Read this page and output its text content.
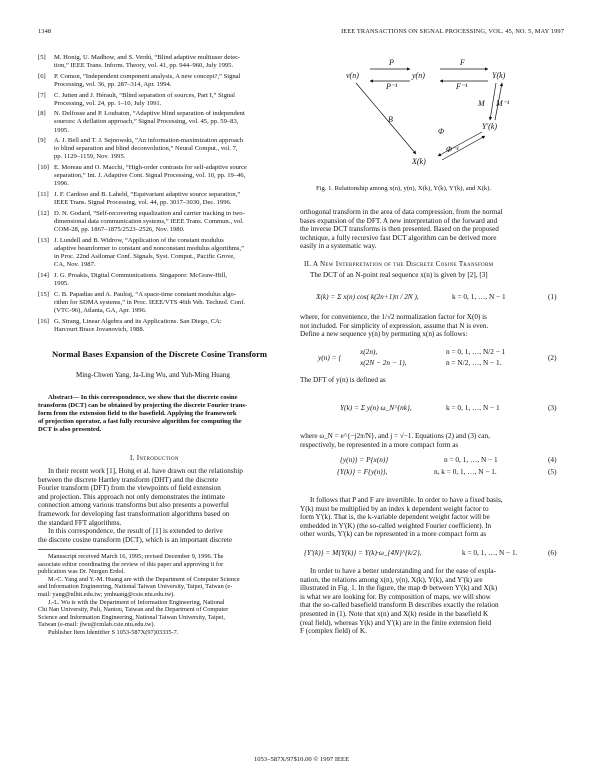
1348	IEEE TRANSACTIONS ON SIGNAL PROCESSING, VOL. 45, NO. 5, MAY 1997
[5] M. Honig, U. Madhow, and S. Verdú, “Blind adaptive multiuser detec-
tion,” IEEE Trans. Inform. Theory, vol. 41, pp. 944–960, July 1995.
[6] P. Comon, “Independent component analysis, A new concept?,” Signal
Processing, vol. 36, pp. 287–314, Apr. 1994.
[7] C. Jutten and J. Hérault, “Blind separation of sources, Part I,” Signal
Processing, vol. 24, pp. 1–10, July 1991.
[8] N. Delfosse and P. Loubaton, “Adaptive blind separation of independent
sources: A deflation approach,” Signal Processing, vol. 45, pp. 59–83,
1995.
[9] A. J. Bell and T. J. Sejnowski, “An information-maximization approach
to blind separation and blind deconvolution,” Neural Comput., vol. 7,
pp. 1129–1159, Nov. 1995.
[10] E. Moreau and O. Macchi, “High-order contrasts for self-adaptive source
separation,” Int. J. Adaptive Cont. Signal Processing, vol. 10, pp. 19–46,
1996.
[11] J. F. Cardoso and B. Laheld, “Equivariant adaptive source separation,”
IEEE Trans. Signal Processing, vol. 44, pp. 3017–3030, Dec. 1996.
[12] D. N. Godard, “Self-recovering equalization and carrier tracking in two-
dimensional data communication systems,” IEEE Trans. Commun., vol.
COM-28, pp. 1867–1875/2523–2526, Nov. 1980.
[13] J. Lundell and B. Widrow, “Application of the constant modulus
adaptive beamformer to constant and nonconstant modulus algorithms,”
in Proc. 22nd Asilomar Conf. Signals, Syst. Comput., Pacific Grove,
CA, Nov. 1987.
[14] J. G. Proakis, Digital Communications. Singapore: McGraw-Hill,
1995.
[15] C. B. Papadias and A. Paulraj, “A space-time constant modulus algo-
rithm for SDMA systems,” in Proc. IEEE/VTS 46th Veh. Technol. Conf.
(VTC-96), Atlanta, GA, Apr. 1996.
[16] G. Strang, Linear Algebra and its Applications. San Diego, CA:
Harcourt Brace Jovanovich, 1988.
Normal Bases Expansion of the Discrete Cosine Transform
Ming-Chwen Yang, Ja-Ling Wu, and Yuh-Ming Huang
Abstract— In this correspondence, we show that the discrete cosine
transform (DCT) can be obtained by projecting the discrete Fourier trans-
form from the extension field to the basefield. Applying the framework
of projection operator, a fast fully recursive algorithm for computing the
DCT is also presented.
I. Introduction
In their recent work [1], Hong et al. have drawn out the relationship
between the discrete Hartley transform (DHT) and the discrete
Fourier transform (DFT) from the viewpoints of field extension
and projection. This approach not only demonstrates the intimate
connection among various transforms but also presents a powerful
framework for developing fast transformation algorithms based on
the standard FFT algorithms.
In this correspondence, the result of [1] is extended to derive
the discrete cosine transform (DCT), which is an important discrete
Manuscript received March 16, 1995; revised December 9, 1996. The
associate editor coordinating the review of this paper and approving it for
publication was Dr. Nurgun Erdol.
M.-C. Yang and Y.-M. Huang are with the Department of Computer Science
and Information Engineering, National Taiwan University, Taipei, Taiwan (e-
mail: yang@nlhit.edu.tw; ymhuang@csie.ntu.edu.tw).
J.-L. Wu is with the Department of Information Engineering, National
Chi Nan University, Puli, Nantou, Taiwan and the Department of Computer
Science and Information Engineering, National Taiwan University, Taipei,
Taiwan (e-mail: jlwu@cmlab.csie.ntu.edu.tw).
Publisher Item Identifier S 1053-587X(97)03335-7.
v(n)	y(n)	Y(k)
Y'(k)
X(k)
P
P⁻¹
F
F⁻¹
M M⁻¹
Φ
Φ⁻¹
B
Fig. 1. Relationship among x(n), y(n), X(k), Y(k), Y'(k), and X(k).
orthogonal transform in the area of data compression, from the normal
bases expansion of the DFT. A new interpretation of the forward and
the inverse DCT transforms is then presented. Based on the proposed
technique, a fully recursive fast DCT algorithm can be derived more
easily in a systematic way.
II. A New Interpretation of the Discrete Cosine Transform
The DCT of an N-point real sequence x(n) is given by [2], [3]
X(k) = Σ x(n) cos( k(2n+1)π / 2N ),	k = 0, 1, …, N − 1	(1)
where, for convenience, the 1/√2 normalization factor for X(0) is
not included. For simplicity of expression, assume that N is even.
Define a new sequence y(n) by permuting x(n) as follows:
y(n) = {
x(2n),	n = 0, 1, …, N/2 − 1
x(2N − 2n − 1),	n = N/2, …, N − 1.
(2)
The DFT of y(n) is defined as
Y(k) = Σ y(n) ω_N^{nk},	k = 0, 1, …, N − 1	(3)
where ω_N = e^{−j2π/N}, and j = √−1. Equations (2) and (3) can,
respectively, be represented in a more compact form as
{y(n)} = P{x(n)}	n = 0, 1, …, N − 1	(4)
{Y(k)} = F{y(n)},	n, k = 0, 1, …, N − 1.	(5)
It follows that P and F are invertible. In order to have a fixed basis,
Y(k) must be multiplied by an index k dependent weight factor to
form Y'(k). That is, the k-variable dependent weight factor will be
embedded in Y'(K) (the so-called weighted Fourier coefficient). In
other words, Y'(k) can be represented in a more compact form as
{Y'(k)} = M{Y(k)} = Y(k)·ω_{4N}^{k/2},	k = 0, 1, …, N − 1.	(6)
In order to have a better understanding and for the ease of expla-
nation, the relations among x(n), y(n), X(k), Y(k), and Y'(k) are
illustrated in Fig. 1. In the figure, the map Φ between Y'(k) and X(k)
is what we are looking for. By composition of maps, we will show
that the so-called basefield transform B describes exactly the relation
presented in (1). Note that x(n) and X(k) reside in the basefield K
(real field), whereas Y(k) and Y'(k) are in the finite extension field
F (complex field) of K.
1053–587X/97$10.00 © 1997 IEEE
